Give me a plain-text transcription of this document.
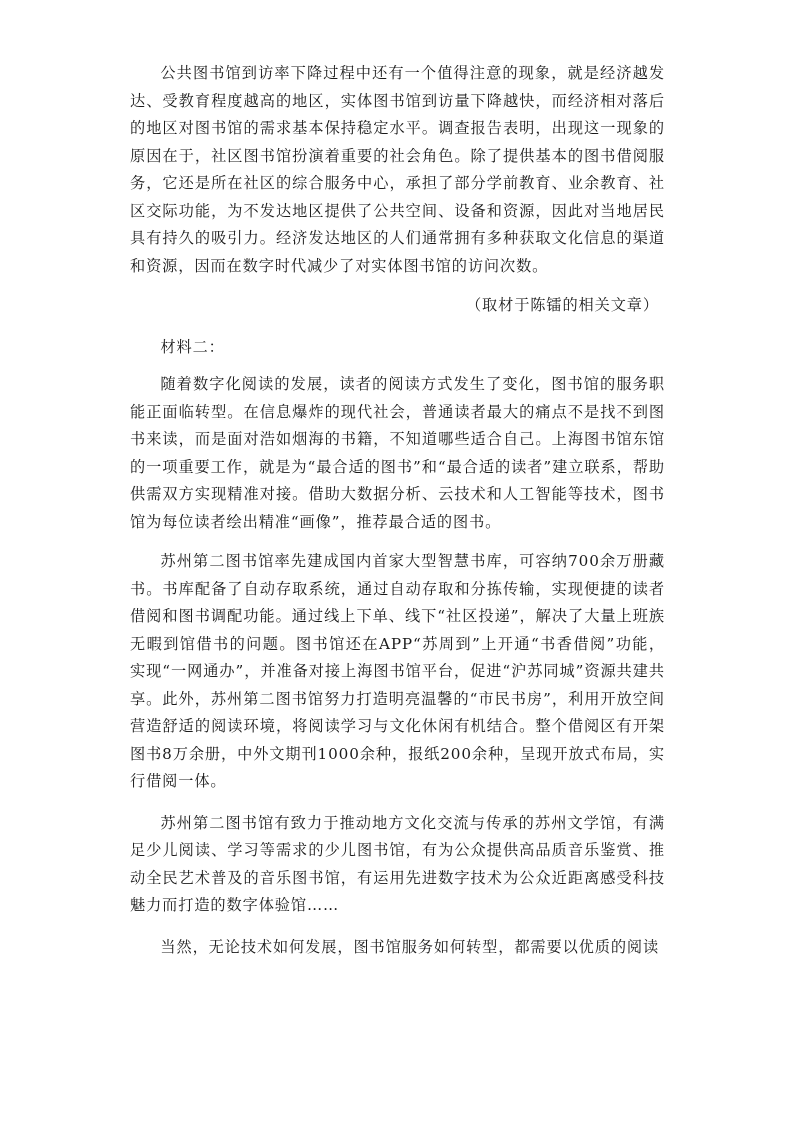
公共图书馆到访率下降过程中还有一个值得注意的现象，就是经济越发达、受教育程度越高的地区，实体图书馆到访量下降越快，而经济相对落后的地区对图书馆的需求基本保持稳定水平。调查报告表明，出现这一现象的原因在于，社区图书馆扮演着重要的社会角色。除了提供基本的图书借阅服务，它还是所在社区的综合服务中心，承担了部分学前教育、业余教育、社区交际功能，为不发达地区提供了公共空间、设备和资源，因此对当地居民具有持久的吸引力。经济发达地区的人们通常拥有多种获取文化信息的渠道和资源，因而在数字时代减少了对实体图书馆的访问次数。

（取材于陈镭的相关文章）

材料二：

随着数字化阅读的发展，读者的阅读方式发生了变化，图书馆的服务职能正面临转型。在信息爆炸的现代社会，普通读者最大的痛点不是找不到图书来读，而是面对浩如烟海的书籍，不知道哪些适合自己。上海图书馆东馆的一项重要工作，就是为“最合适的图书”和“最合适的读者”建立联系，帮助供需双方实现精准对接。借助大数据分析、云技术和人工智能等技术，图书馆为每位读者绘出精准“画像”，推荐最合适的图书。

苏州第二图书馆率先建成国内首家大型智慧书库，可容纳700余万册藏书。书库配备了自动存取系统，通过自动存取和分拣传输，实现便捷的读者借阅和图书调配功能。通过线上下单、线下“社区投递”，解决了大量上班族无暇到馆借书的问题。图书馆还在APP“苏周到”上开通“书香借阅”功能，实现“一网通办”，并准备对接上海图书馆平台，促进“沪苏同城”资源共建共享。此外，苏州第二图书馆努力打造明亮温馨的“市民书房”，利用开放空间营造舒适的阅读环境，将阅读学习与文化休闲有机结合。整个借阅区有开架图书8万余册，中外文期刊1000余种，报纸200余种，呈现开放式布局，实行借阅一体。

苏州第二图书馆有致力于推动地方文化交流与传承的苏州文学馆，有满足少儿阅读、学习等需求的少儿图书馆，有为公众提供高品质音乐鉴赏、推动全民艺术普及的音乐图书馆，有运用先进数字技术为公众近距离感受科技魅力而打造的数字体验馆……

当然，无论技术如何发展，图书馆服务如何转型，都需要以优质的阅读
